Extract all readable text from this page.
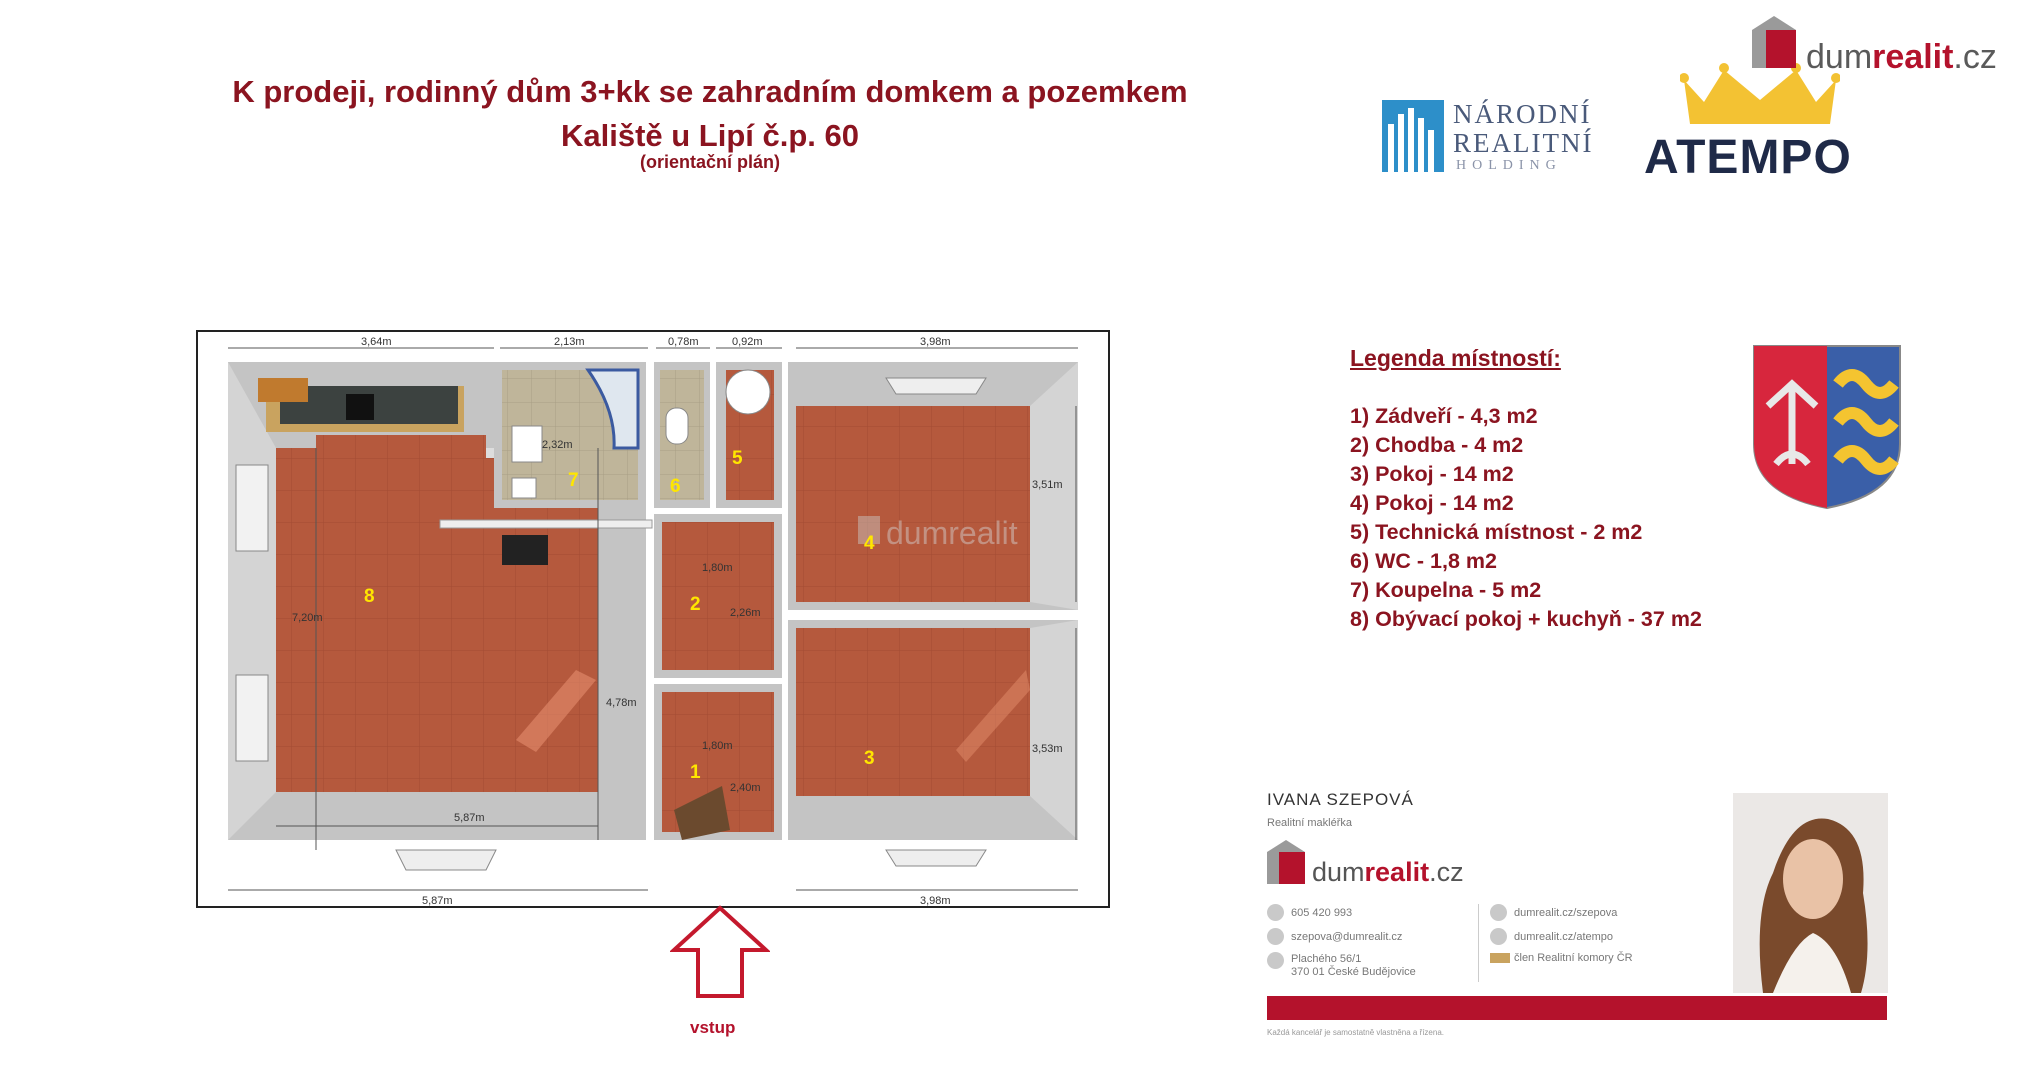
K prodeji, rodinný dům 3+kk se zahradním domkem a pozemkem
Kaliště u Lipí č.p. 60
(orientační plán)
NÁRODNÍ
REALITNÍ
HOLDING ATEMPO
dumrealit.cz
3,64m	2,13m	0,78m	0,92m	3,98m
5,87m	3,98m
2,32m
1,80m
2,26m
1,80m
2,40m
7,20m
4,78m
5,87m
3,51m
3,53m
dumrealit
1
2
3
4
5
6
7
8
vstup
Legenda místností:
1) Zádveří - 4,3 m2
2) Chodba - 4 m2
3) Pokoj - 14 m2
4) Pokoj - 14 m2
5) Technická místnost - 2 m2
6) WC - 1,8 m2
7) Koupelna - 5 m2
8) Obývací pokoj + kuchyň - 37 m2
IVANA SZEPOVÁ
Realitní makléřka
dumrealit.cz
605 420 993
szepova@dumrealit.cz
Plachého 56/1
370 01 České Budějovice
dumrealit.cz/szepova
dumrealit.cz/atempo
člen Realitní komory ČR
Každá kancelář je samostatně vlastněna a řízena.
